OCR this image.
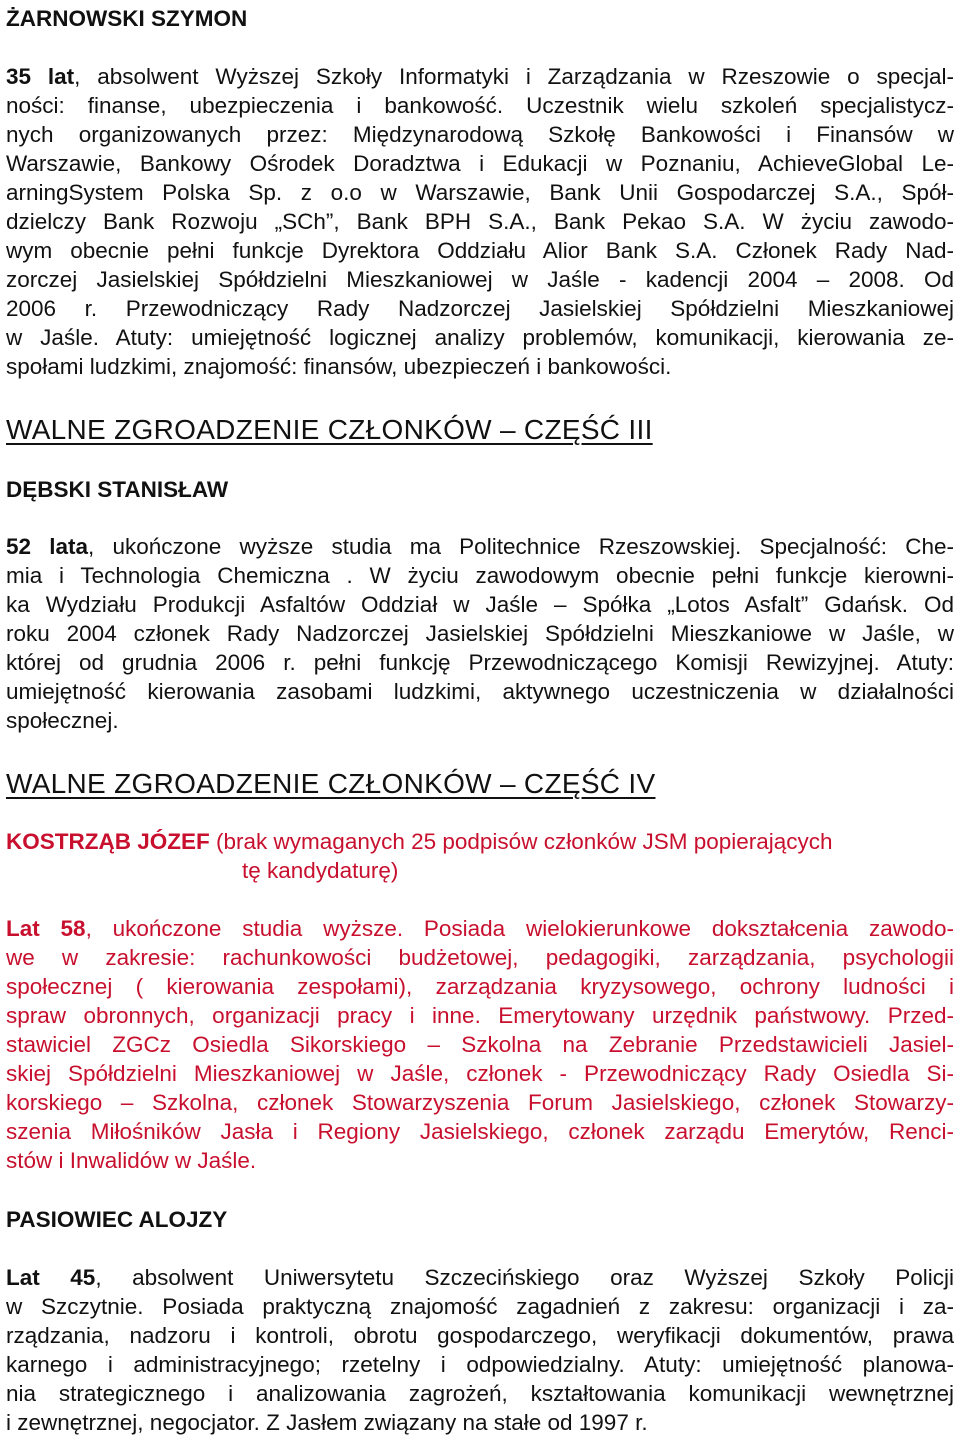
ŻARNOWSKI SZYMON
35 lat, absolwent Wyższej Szkoły Informatyki i Zarządzania w Rzeszowie o specjal-
ności: finanse, ubezpieczenia i bankowość. Uczestnik wielu szkoleń specjalistycz-
nych organizowanych przez: Międzynarodową Szkołę Bankowości i Finansów w
Warszawie, Bankowy Ośrodek Doradztwa i Edukacji w Poznaniu, AchieveGlobal Le-
arningSystem Polska Sp. z o.o w Warszawie, Bank Unii Gospodarczej S.A., Spół-
dzielczy Bank Rozwoju „SCh”, Bank BPH S.A., Bank Pekao S.A. W życiu zawodo-
wym obecnie pełni funkcje Dyrektora Oddziału Alior Bank S.A. Członek Rady Nad-
zorczej Jasielskiej Spółdzielni Mieszkaniowej w Jaśle - kadencji 2004 – 2008. Od
2006 r. Przewodniczący Rady Nadzorczej Jasielskiej Spółdzielni Mieszkaniowej
w Jaśle. Atuty: umiejętność logicznej analizy problemów, komunikacji, kierowania ze-
społami ludzkimi, znajomość: finansów, ubezpieczeń i bankowości.
WALNE ZGROADZENIE CZŁONKÓW – CZĘŚĆ III
DĘBSKI STANISŁAW
52 lata, ukończone wyższe studia ma Politechnice Rzeszowskiej. Specjalność: Che-
mia i Technologia Chemiczna . W życiu zawodowym obecnie pełni funkcje kierowni-
ka Wydziału Produkcji Asfaltów Oddział w Jaśle – Spółka „Lotos Asfalt” Gdańsk. Od
roku 2004 członek Rady Nadzorczej Jasielskiej Spółdzielni Mieszkaniowe w Jaśle, w
której od grudnia 2006 r. pełni funkcję Przewodniczącego Komisji Rewizyjnej. Atuty:
umiejętność kierowania zasobami ludzkimi, aktywnego uczestniczenia w działalności
społecznej.
WALNE ZGROADZENIE CZŁONKÓW – CZĘŚĆ IV
KOSTRZĄB JÓZEF (brak wymaganych 25 podpisów członków JSM popierających
tę kandydaturę)
Lat 58, ukończone studia wyższe. Posiada wielokierunkowe dokształcenia zawodo-
we w zakresie: rachunkowości budżetowej, pedagogiki, zarządzania, psychologii
społecznej ( kierowania zespołami), zarządzania kryzysowego, ochrony ludności i
spraw obronnych, organizacji pracy i inne. Emerytowany urzędnik państwowy. Przed-
stawiciel ZGCz Osiedla Sikorskiego – Szkolna na Zebranie Przedstawicieli Jasiel-
skiej Spółdzielni Mieszkaniowej w Jaśle, członek - Przewodniczący Rady Osiedla Si-
korskiego – Szkolna, członek Stowarzyszenia Forum Jasielskiego, członek Stowarzy-
szenia Miłośników Jasła i Regiony Jasielskiego, członek zarządu Emerytów, Renci-
stów i Inwalidów w Jaśle.
PASIOWIEC ALOJZY
Lat 45, absolwent Uniwersytetu Szczecińskiego oraz Wyższej Szkoły Policji
w Szczytnie. Posiada praktyczną znajomość zagadnień z zakresu: organizacji i za-
rządzania, nadzoru i kontroli, obrotu gospodarczego, weryfikacji dokumentów, prawa
karnego i administracyjnego; rzetelny i odpowiedzialny. Atuty: umiejętność planowa-
nia strategicznego i analizowania zagrożeń, kształtowania komunikacji wewnętrznej
i zewnętrznej, negocjator. Z Jasłem związany na stałe od 1997 r.
